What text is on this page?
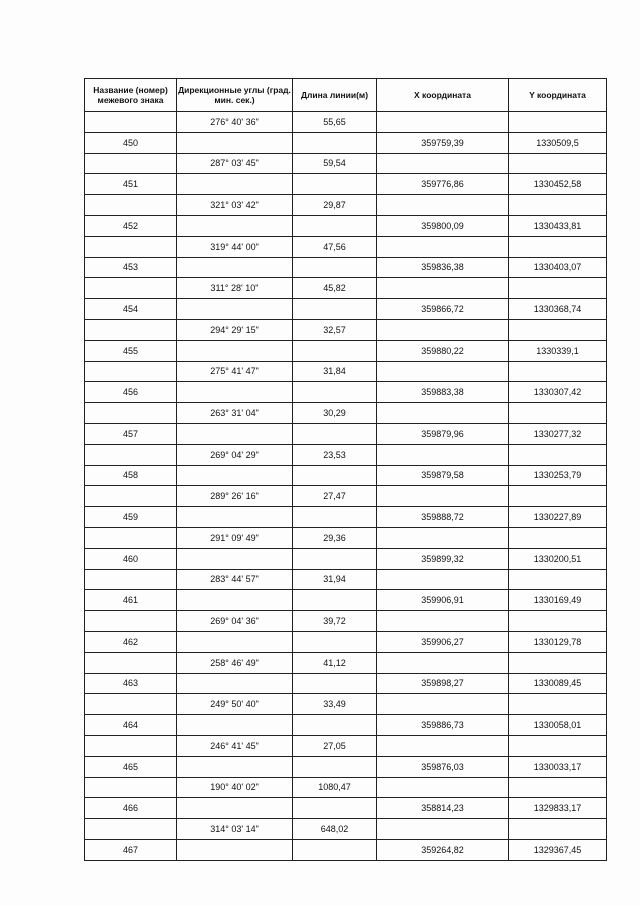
Название (номер) межевого знака	Дирекционные углы (град. мин. сек.)	Длина линии(м)	X координата	Y координата
	276° 40' 36"	55,65		
450			359759,39	1330509,5
	287° 03' 45"	59,54		
451			359776,86	1330452,58
	321° 03' 42"	29,87		
452			359800,09	1330433,81
	319° 44' 00"	47,56		
453			359836,38	1330403,07
	311° 28' 10"	45,82		
454			359866,72	1330368,74
	294° 29' 15"	32,57		
455			359880,22	1330339,1
	275° 41' 47"	31,84		
456			359883,38	1330307,42
	263° 31' 04"	30,29		
457			359879,96	1330277,32
	269° 04' 29"	23,53		
458			359879,58	1330253,79
	289° 26' 16"	27,47		
459			359888,72	1330227,89
	291° 09' 49"	29,36		
460			359899,32	1330200,51
	283° 44' 57"	31,94		
461			359906,91	1330169,49
	269° 04' 36"	39,72		
462			359906,27	1330129,78
	258° 46' 49"	41,12		
463			359898,27	1330089,45
	249° 50' 40"	33,49		
464			359886,73	1330058,01
	246° 41' 45"	27,05		
465			359876,03	1330033,17
	190° 40' 02"	1080,47		
466			358814,23	1329833,17
	314° 03' 14"	648,02		
467			359264,82	1329367,45
